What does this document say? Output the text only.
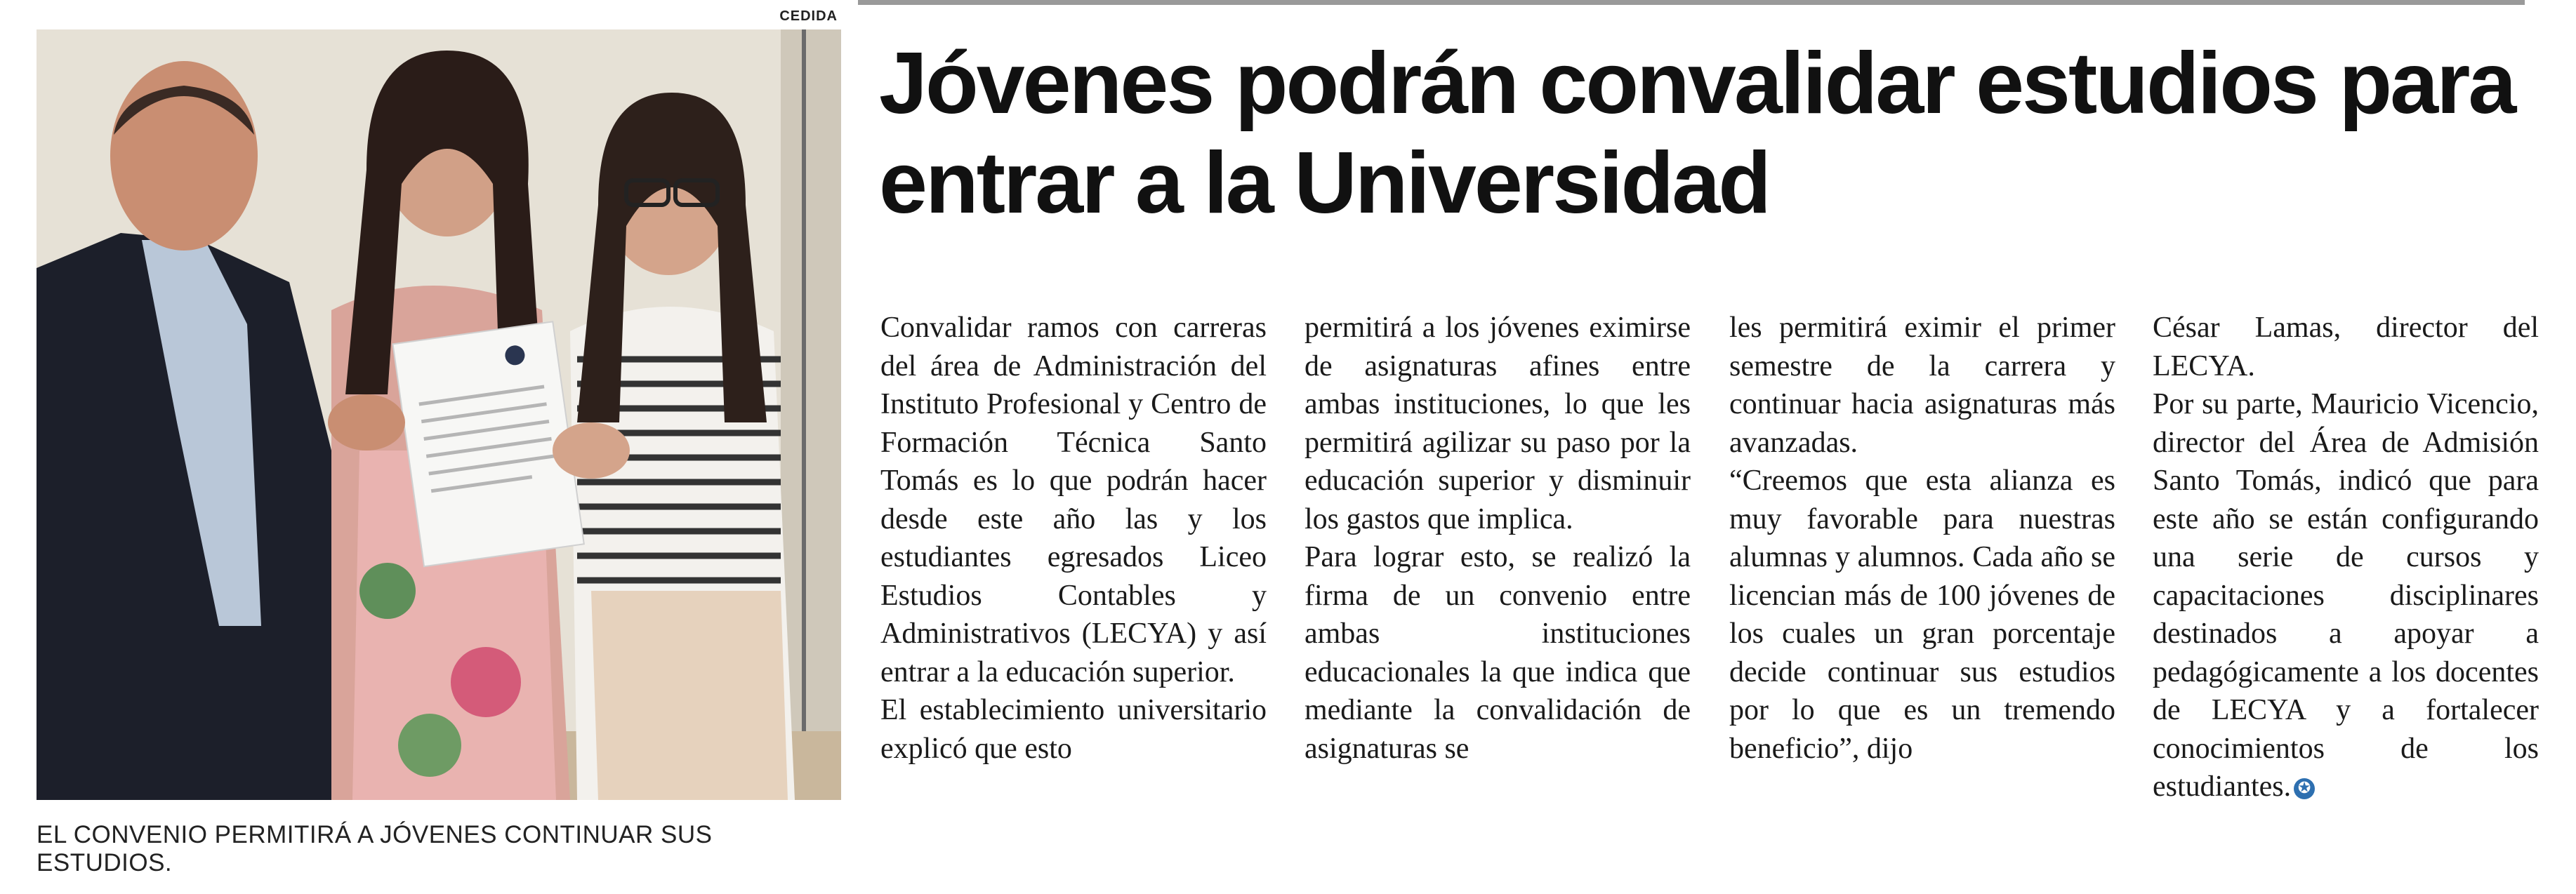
CEDIDA
EL CONVENIO PERMITIRÁ A JÓVENES CONTINUAR SUS ESTUDIOS.
Jóvenes podrán convalidar estudios para entrar a la Universidad

Convalidar ramos con carreras del área de Administración del Instituto Profesional y Centro de Formación Técnica Santo Tomás es lo que podrán hacer desde este año las y los estudiantes egresados Liceo Estudios Contables y Administrativos (LECYA) y así entrar a la educación superior.

El establecimiento universitario explicó que esto

permitirá a los jóvenes eximirse de asignaturas afines entre ambas instituciones, lo que les permitirá agilizar su paso por la educación superior y disminuir los gastos que implica.

Para lograr esto, se realizó la firma de un convenio entre ambas instituciones educacionales la que indica que mediante la convalidación de asignaturas se

les permitirá eximir el primer semestre de la carrera y continuar hacia asignaturas más avanzadas.

“Creemos que esta alianza es muy favorable para nuestras alumnas y alumnos. Cada año se licencian más de 100 jóvenes de los cuales un gran porcentaje decide continuar sus estudios por lo que es un tremendo beneficio”, dijo

César Lamas, director del LECYA.

Por su parte, Mauricio Vicencio, director del Área de Admisión Santo Tomás, indicó que para este año se están configurando una serie de cursos y capacitaciones disciplinares destinados a apoyar a pedagógicamente a los docentes de LECYA y a fortalecer conocimientos de los estudiantes. ✪
